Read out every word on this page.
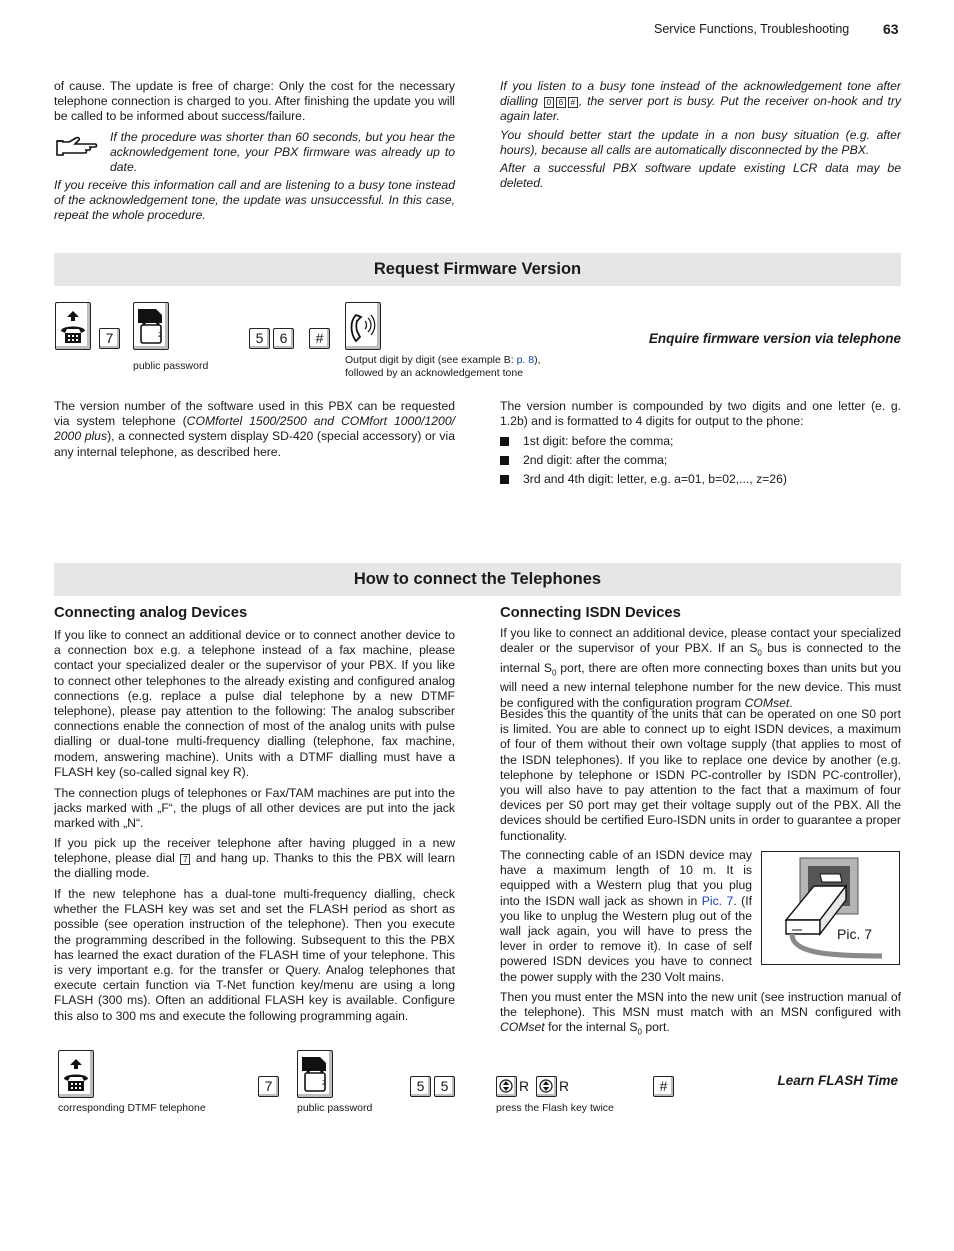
Service Functions, Troubleshooting 63
of cause. The update is free of charge: Only the cost for the necessary telephone connection is charged to you. After finishing the update you will be called to be informed about success/failure.
If the procedure was shorter than 60 seconds, but you hear the acknowledgement tone, your PBX firmware was already up to date.
If you receive this information call and are listening to a busy tone instead of the acknowledgement tone, the update was unsuccessful. In this case, repeat the whole procedure.
If you listen to a busy tone instead of the acknowledgement tone after dialling 0 6 # , the server port is busy. Put the receiver on-hook and try again later.
You should better start the update in a non busy situation (e.g. after hours), because all calls are automatically disconnected by the PBX.
After a successful PBX software update existing LCR data may be deleted.
Request Firmware Version
7	2
public password
5	6	#
Output digit by digit (see example B: p. 8),
followed by an acknowledgement tone
Enquire firmware version via telephone
The version number of the software used in this PBX can be requested via system telephone (COMfortel 1500/2500 and COMfort 1000/1200/ 2000 plus), a connected system display SD-420 (special accessory) or via any internal telephone, as described here.
The version number is compounded by two digits and one letter (e. g. 1.2b) and is formatted to 4 digits for output to the phone:
1st digit: before the comma;
2nd digit: after the comma;
3rd and 4th digit: letter, e.g. a=01, b=02,..., z=26)
How to connect the Telephones
Connecting analog Devices
If you like to connect an additional device or to connect another device to a connection box e.g. a telephone instead of a fax machine, please contact your specialized dealer or the supervisor of your PBX. If you like to connect other telephones to the already existing and configured analog connections (e.g. replace a pulse dial telephone by a new DTMF telephone), please pay attention to the following: The analog subscriber connections enable the connection of most of the analog units with pulse dialling or dual-tone multi-frequency dialling (telephone, fax machine, modem, answering machine). Units with a DTMF dialling must have a FLASH key (so-called signal key R).
The connection plugs of telephones or Fax/TAM machines are put into the jacks marked with „F“, the plugs of all other devices are put into the jack marked with „N“.
If you pick up the receiver telephone after having plugged in a new telephone, please dial 7 and hang up. Thanks to this the PBX will learn the dialling mode.
If the new telephone has a dual-tone multi-frequency dialling, check whether the FLASH key was set and set the FLASH period as short as possible (see operation instruction of the telephone). Then you execute the programming described in the following. Subsequent to this the PBX has learned the exact duration of the FLASH time of your telephone. This is very important e.g. for the transfer or Query. Analog telephones that execute certain function via T-Net function key/menu are using a long FLASH (300 ms). Often an additional FLASH key is available. Configure this also to 300 ms and execute the following programming again.
Connecting ISDN Devices
If you like to connect an additional device, please contact your specialized dealer or the supervisor of your PBX. If an $S_0$ bus is connected to the internal $S_0$ port, there are often more connecting boxes than units but you will need a new internal telephone number for the new device. This must be configured with the configuration program COMset.
Besides this the quantity of the units that can be operated on one S0 port is limited. You are able to connect up to eight ISDN devices, a maximum of four of them without their own voltage supply (that applies to most of the ISDN telephones). If you like to replace one device by another (e.g. telephone by telephone or ISDN PC-controller by ISDN PC-controller), you will also have to pay attention to the fact that a maximum of four devices per S0 port may get their voltage supply out of the PBX. All the devices should be certified Euro-ISDN units in order to guarantee a proper functionality.
The connecting cable of an ISDN device may have a maximum length of 10 m. It is equipped with a Western plug that you plug into the ISDN wall jack as shown in Pic. 7. (If you like to unplug the Western plug out of the wall jack again, you will have to press the lever in order to remove it). In case of self powered ISDN devices you have to connect the power supply with the 230 Volt mains.
Pic. 7
Then you must enter the MSN into the new unit (see instruction manual of the telephone). This MSN must match with an MSN configured with COMset for the internal $S_0$ port.
corresponding DTMF telephone
7	2
public password
5	5	R R
press the Flash key twice
#	Learn FLASH Time
